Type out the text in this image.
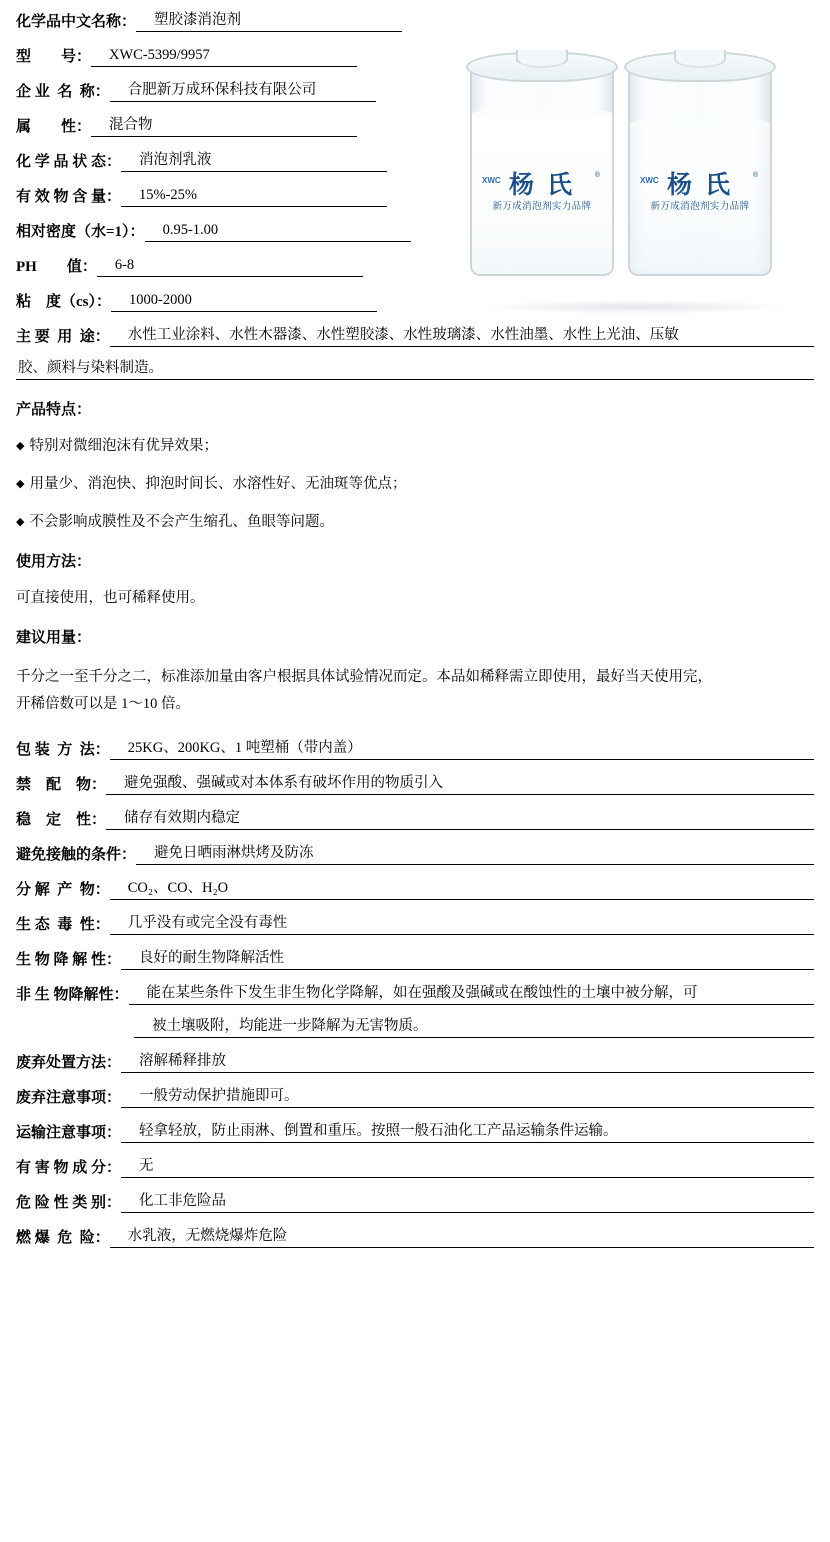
XWC
®
杨 氏
新万成消泡剂实力品牌
XWC
®
杨 氏
新万成消泡剂实力品牌
化学品中文名称：	塑胶漆消泡剂
型        号：	XWC-5399/9957
企 业  名  称：	合肥新万成环保科技有限公司
属        性：	混合物
化 学 品 状 态：	消泡剂乳液
有 效 物 含 量：	15%-25%
相对密度（水=1）：	0.95-1.00
PH        值：	6-8
粘    度（cs）：	1000-2000
主 要  用  途：	水性工业涂料、水性木器漆、水性塑胶漆、水性玻璃漆、水性油墨、水性上光油、压敏
胶、颜料与染料制造。
产品特点：
◆ 特别对微细泡沫有优异效果；
◆ 用量少、消泡快、抑泡时间长、水溶性好、无油斑等优点；
◆ 不会影响成膜性及不会产生缩孔、鱼眼等问题。
使用方法：
可直接使用，也可稀释使用。
建议用量：
千分之一至千分之二，标准添加量由客户根据具体试验情况而定。本品如稀释需立即使用，最好当天使用完，
开稀倍数可以是 1～10 倍。
包 装  方  法：	25KG、200KG、1 吨塑桶（带内盖）
禁    配    物：	避免强酸、强碱或对本体系有破坏作用的物质引入
稳    定    性：	储存有效期内稳定
避免接触的条件：	避免日晒雨淋烘烤及防冻
分 解  产  物：	CO₂、CO、H₂O
生 态  毒  性：	几乎没有或完全没有毒性
生 物 降 解 性：	良好的耐生物降解活性
非 生 物降解性：	能在某些条件下发生非生物化学降解，如在强酸及强碱或在酸蚀性的土壤中被分解，可
被土壤吸附，均能进一步降解为无害物质。
废弃处置方法：	溶解稀释排放
废弃注意事项：	一般劳动保护措施即可。
运输注意事项：	轻拿轻放，防止雨淋、倒置和重压。按照一般石油化工产品运输条件运输。
有 害 物 成 分：	无
危 险 性 类 别：	化工非危险品
燃 爆  危  险：	水乳液，无燃烧爆炸危险
